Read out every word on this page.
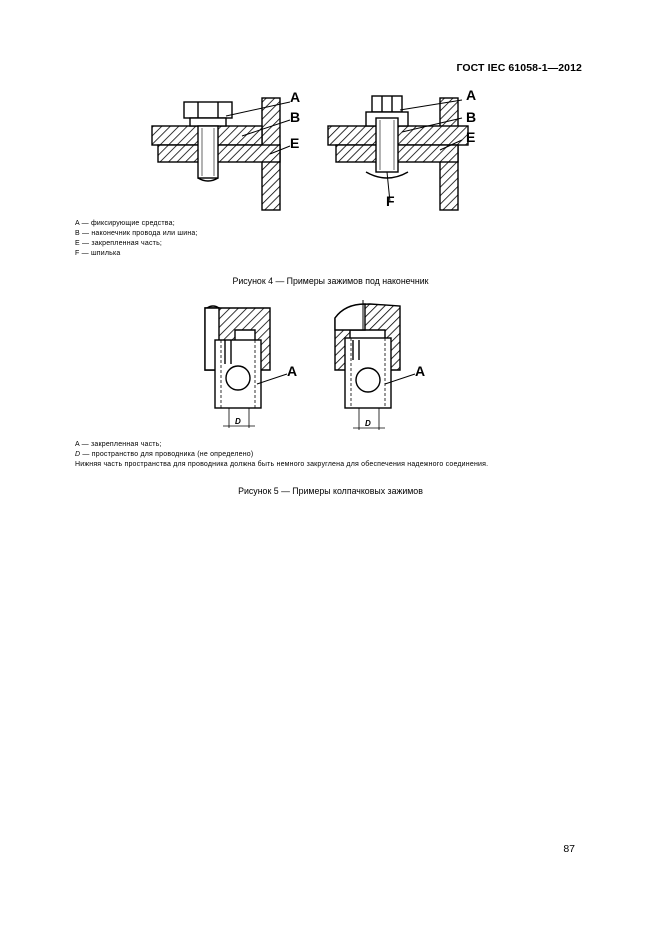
ГОСТ IEC 61058-1—2012
A
B
E
A
B
E
F
A — фиксирующие средства;
B — наконечник провода или шина;
E — закрепленная часть;
F — шпилька
Рисунок 4 — Примеры зажимов под наконечник
A	A
D	D
A — закрепленная часть;
D — пространство для проводника (не определено)
Нижняя часть пространства для проводника должна быть немного закруглена для обеспечения надежного соединения.
Рисунок 5 — Примеры колпачковых зажимов
87
